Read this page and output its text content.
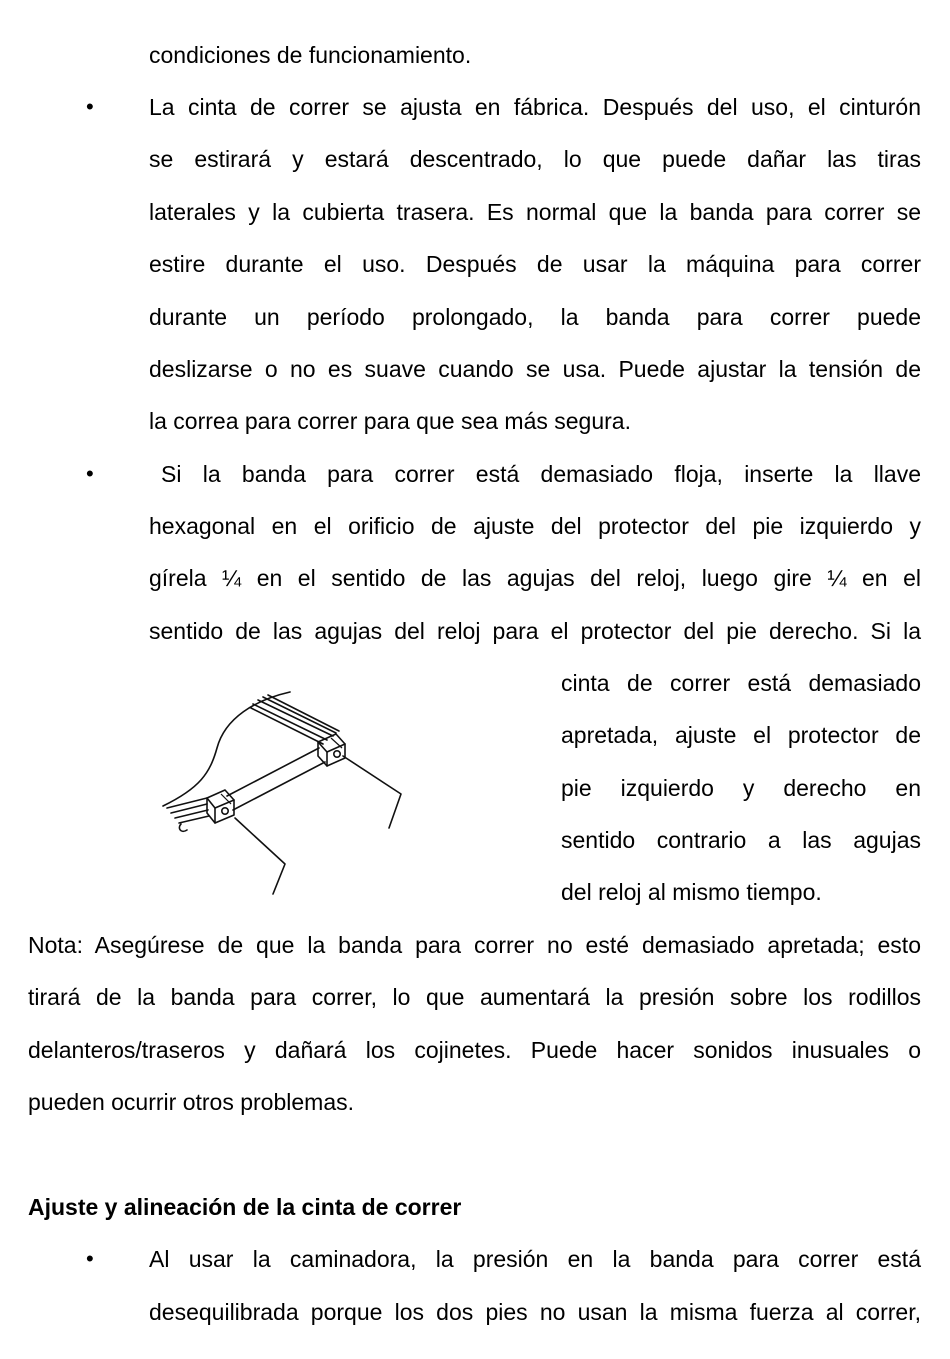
condiciones de funcionamiento.
• La cinta de correr se ajusta en fábrica. Después del uso, el cinturón
se estirará y estará descentrado, lo que puede dañar las tiras
laterales y la cubierta trasera. Es normal que la banda para correr se
estire durante el uso. Después de usar la máquina para correr
durante un período prolongado, la banda para correr puede
deslizarse o no es suave cuando se usa. Puede ajustar la tensión de
la correa para correr para que sea más segura.
•	Si la banda para correr está demasiado floja, inserte la llave
hexagonal en el orificio de ajuste del protector del pie izquierdo y
gírela ¼ en el sentido de las agujas del reloj, luego gire ¼ en el
sentido de las agujas del reloj para el protector del pie derecho. Si la
cinta de correr está demasiado
apretada, ajuste el protector de
pie izquierdo y derecho en
sentido contrario a las agujas
del reloj al mismo tiempo.
Nota: Asegúrese de que la banda para correr no esté demasiado apretada; esto
tirará de la banda para correr, lo que aumentará la presión sobre los rodillos
delanteros/traseros y dañará los cojinetes. Puede hacer sonidos inusuales o
pueden ocurrir otros problemas.
Ajuste y alineación de la cinta de correr
• Al usar la caminadora, la presión en la banda para correr está
desequilibrada porque los dos pies no usan la misma fuerza al correr,
